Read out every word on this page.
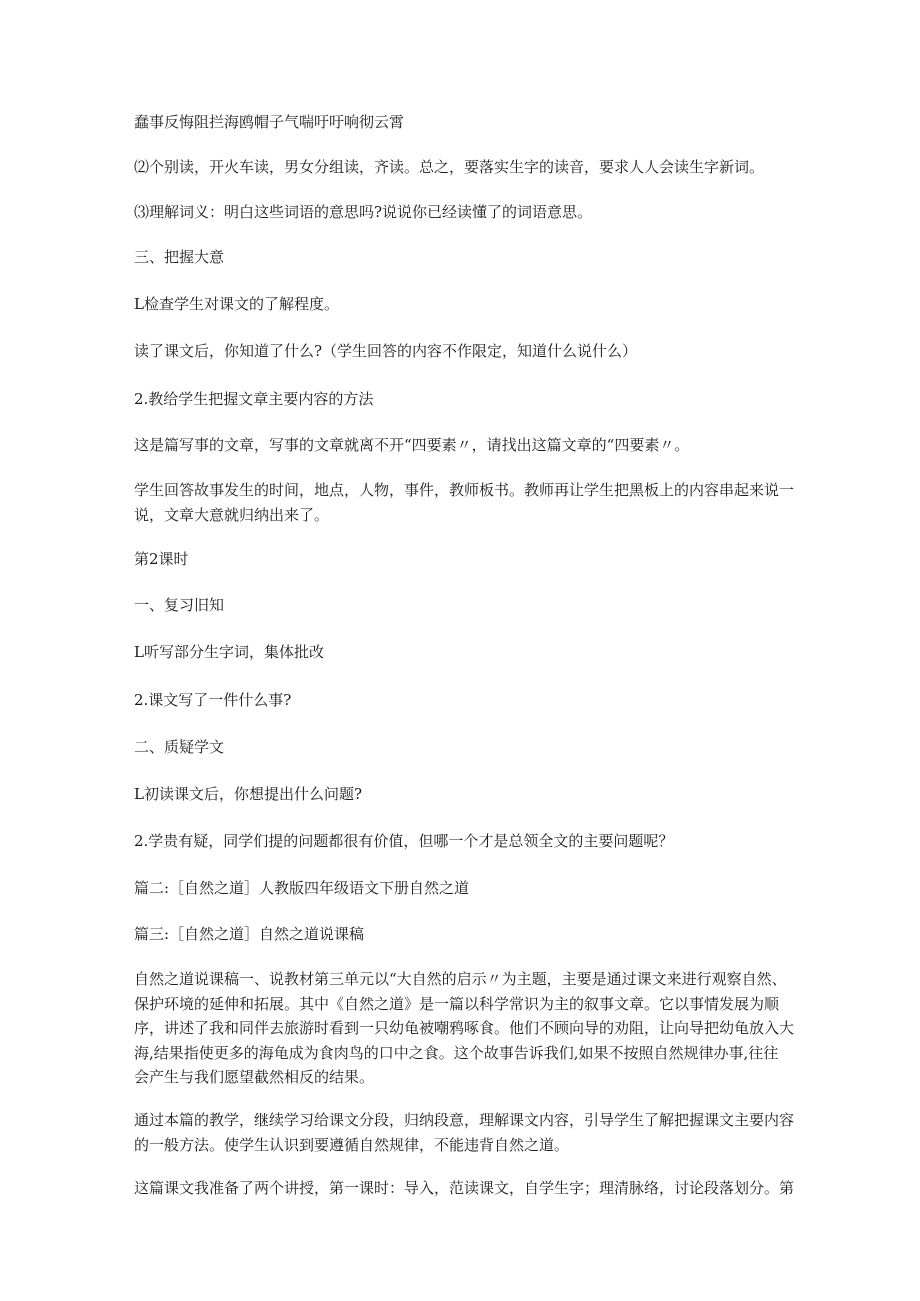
蠢事反悔阻拦海鸥帽子气喘吁吁响彻云霄

⑵个别读，开火车读，男女分组读，齐读。总之，要落实生字的读音，要求人人会读生字新词。

⑶理解词义：明白这些词语的意思吗?说说你已经读懂了的词语意思。

三、把握大意

L检查学生对课文的了解程度。

读了课文后，你知道了什么?（学生回答的内容不作限定，知道什么说什么）

2.教给学生把握文章主要内容的方法

这是篇写事的文章，写事的文章就离不开“四要素〃，请找出这篇文章的“四要素〃。

学生回答故事发生的时间，地点，人物，事件，教师板书。教师再让学生把黑板上的内容串起来说一
说，文章大意就归纳出来了。

第2课时

一、复习旧知

L听写部分生字词，集体批改

2.课文写了一件什么事?

二、质疑学文

L初读课文后，你想提出什么问题?

2.学贵有疑，同学们提的问题都很有价值，但哪一个才是总领全文的主要问题呢？

篇二:［自然之道］人教版四年级语文下册自然之道

篇三:［自然之道］自然之道说课稿

自然之道说课稿一、说教材第三单元以“大自然的启示〃为主题，主要是通过课文来进行观察自然、
保护环境的延伸和拓展。其中《自然之道》是一篇以科学常识为主的叙事文章。它以事情发展为顺
序，讲述了我和同伴去旅游时看到一只幼龟被嘲鸦啄食。他们不顾向导的劝阻，让向导把幼龟放入大
海,结果指使更多的海龟成为食肉鸟的口中之食。这个故事告诉我们,如果不按照自然规律办事,往往
会产生与我们愿望截然相反的结果。
通过本篇的教学，继续学习给课文分段，归纳段意，理解课文内容，引导学生了解把握课文主要内容
的一般方法。使学生认识到要遵循自然规律，不能违背自然之道。

这篇课文我准备了两个讲授，第一课时：导入，范读课文，自学生字；理清脉络，讨论段落划分。第
